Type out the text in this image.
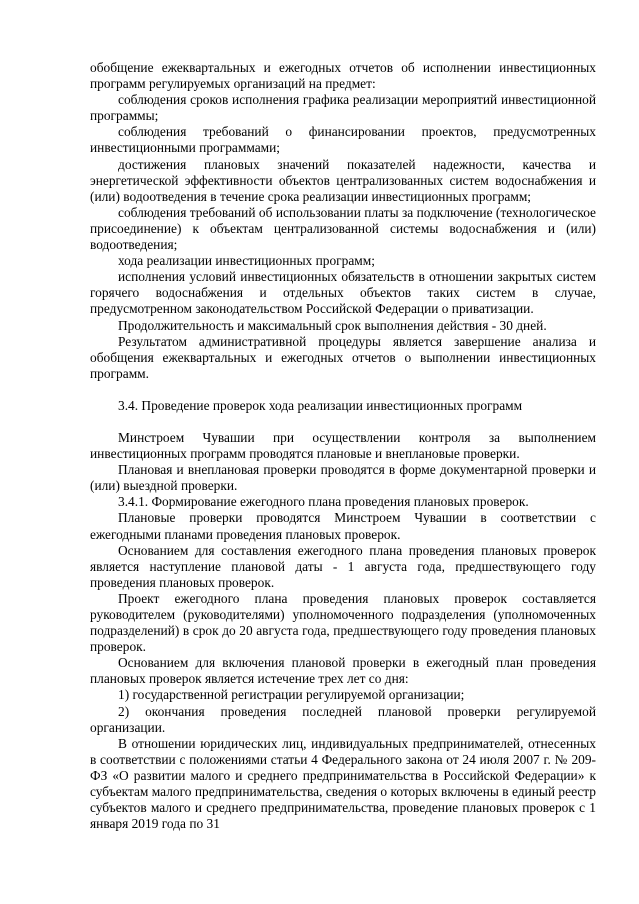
обобщение ежеквартальных и ежегодных отчетов об исполнении инвестиционных программ регулируемых организаций на предмет:

соблюдения сроков исполнения графика реализации мероприятий инвестиционной программы;

соблюдения требований о финансировании проектов, предусмотренных инвестиционными программами;

достижения плановых значений показателей надежности, качества и энергетической эффективности объектов централизованных систем водоснабжения и (или) водоотведения в течение срока реализации инвестиционных программ;

соблюдения требований об использовании платы за подключение (технологическое присоединение) к объектам централизованной системы водоснабжения и (или) водоотведения;

хода реализации инвестиционных программ;

исполнения условий инвестиционных обязательств в отношении закрытых систем горячего водоснабжения и отдельных объектов таких систем в случае, предусмотренном законодательством Российской Федерации о приватизации.

Продолжительность и максимальный срок выполнения действия - 30 дней.

Результатом административной процедуры является завершение анализа и обобщения ежеквартальных и ежегодных отчетов о выполнении инвестиционных программ.

3.4. Проведение проверок хода реализации инвестиционных программ

Минстроем Чувашии при осуществлении контроля за выполнением инвестиционных программ проводятся плановые и внеплановые проверки.

Плановая и внеплановая проверки проводятся в форме документарной проверки и (или) выездной проверки.

3.4.1. Формирование ежегодного плана проведения плановых проверок.

Плановые проверки проводятся Минстроем Чувашии в соответствии с ежегодными планами проведения плановых проверок.

Основанием для составления ежегодного плана проведения плановых проверок является наступление плановой даты - 1 августа года, предшествующего году проведения плановых проверок.

Проект ежегодного плана проведения плановых проверок составляется руководителем (руководителями) уполномоченного подразделения (уполномоченных подразделений) в срок до 20 августа года, предшествующего году проведения плановых проверок.

Основанием для включения плановой проверки в ежегодный план проведения плановых проверок является истечение трех лет со дня:

1) государственной регистрации регулируемой организации;

2) окончания проведения последней плановой проверки регулируемой организации.

В отношении юридических лиц, индивидуальных предпринимателей, отнесенных в соответствии с положениями статьи 4 Федерального закона от 24 июля 2007 г. № 209-ФЗ «О развитии малого и среднего предпринимательства в Российской Федерации» к субъектам малого предпринимательства, сведения о которых включены в единый реестр субъектов малого и среднего предпринимательства, проведение плановых проверок с 1 января 2019 года по 31
